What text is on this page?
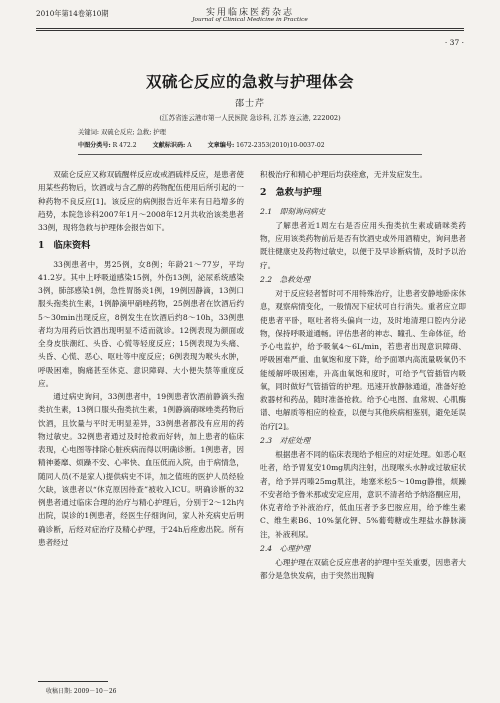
2010年第14卷第10期	实用临床医药杂志
Journal of Clinical Medicine in Practice
· 37 ·
双硫仑反应的急救与护理体会
邵士芹
(江苏省连云港市第一人民医院 急诊科, 江苏 连云港, 222002)
关键词: 双硫仑反应; 急救; 护理
中图分类号: R 472.2	文献标识码: A	文章编号: 1672-2353(2010)10-0037-02

双硫仑反应又称双硫醒样反应或戒酒硫样反应，是患者使用某些药物后，饮酒或与含乙醇的药物配伍使用后所引起的一种药物不良反应[1]。该反应的病例报告近年来有日趋增多的趋势，本院急诊科2007年1月～2008年12月共收治该类患者33例，现将急救与护理体会报告如下。

1　临床资料

33例患者中，男25例，女8例；年龄21～77岁，平均41.2岁。其中上呼吸道感染15例，外伤13例，泌尿系统感染3例，肺部感染1例，急性胃肠炎1例，19例因静滴，13例口服头孢类抗生素，1例静滴甲硝唑药物，25例患者在饮酒后约5～30min出现反应，8例发生在饮酒后约8～10h，33例患者均为用药后饮酒出现明显不适而就诊。12例表现为颜面或全身皮肤潮红、头昏、心慌等轻度反应；15例表现为头痛、头昏、心慌、恶心、呕吐等中度反应；6例表现为喉头水肿，呼吸困难，胸痛甚至休克、意识障碍、大小便失禁等重度反应。

通过病史询问，33例患者中，19例患者饮酒前静滴头孢类抗生素，13例口服头孢类抗生素，1例静滴硝咪唑类药物后饮酒，且饮量与平时无明显差异，33例患者都没有应用的药物过敏史。32例患者通过及时抢救而好转，加上患者的临床表现，心电图等排除心脏疾病而得以明确诊断。1例患者，因精神萎靡、烦躁不安、心率快、血压低而入院，由于病情急，随同人员(不是家人)提供病史不详，加之值班的医护人员经验欠缺，该患者以“休克原因待查”被收入ICU。明确诊断的32例患者通过临床合理的治疗与精心护理后，分别于2～12h内出院，误诊的1例患者，经医生仔细询问，家人补充病史后明确诊断，后经对症治疗及精心护理，于24h后痊愈出院。所有患者经过

积极治疗和精心护理后均获痊愈，无并发症发生。

2　急救与护理
2.1　即刻询问病史

了解患者近1周左右是否应用头孢类抗生素或硝咪类药物，应用该类药物前后是否有饮酒史或外用酒精史，询问患者既往健康史及药物过敏史，以便于及早诊断病情，及时予以治疗。

2.2　急救处理

对于反应轻者暂时可不用特殊治疗，让患者安静地卧床休息，观察病情变化，一般情况下症状可自行消失。重者应立即使患者平卧，呕吐者将头偏向一边，及时地清理口腔内分泌物，保持呼吸道通畅。评估患者的神志、瞳孔、生命体征，给予心电监护，给予吸氧4～6L/min，若患者出现意识障碍、呼吸困难严重、血氧饱和度下降，给予面罩内高流量吸氧仍不能缓解呼吸困难，升高血氧饱和度时，可给予气管插管内吸氧，同时做好气管插管的护理。迅速开放静脉通道，准备好抢救器材和药品，随时准备抢救。给予心电图、血常规、心肌酶谱、电解质等相应的检查，以便与其他疾病相鉴别，避免延误治疗[2]。

2.3　对症处理

根据患者不同的临床表现给予相应的对症处理。如恶心呕吐者，给予胃复安10mg肌肉注射，出现喉头水肿或过敏症状者，给予异丙嗪25mg肌注，地塞米松5～10mg静推，烦躁不安者给予鲁米那或安定应用，意识不清者给予纳洛酮应用，休克者给予补液治疗，低血压者予多巴胺应用，给予维生素C、维生素B6、10%氯化钾、5%葡萄糖或生理盐水静脉滴注，补液利尿。

2.4　心理护理

心理护理在双硫仑反应患者的护理中至关重要，因患者大都分是急快发病，由于突然出现胸

收稿日期: 2009－10－26
